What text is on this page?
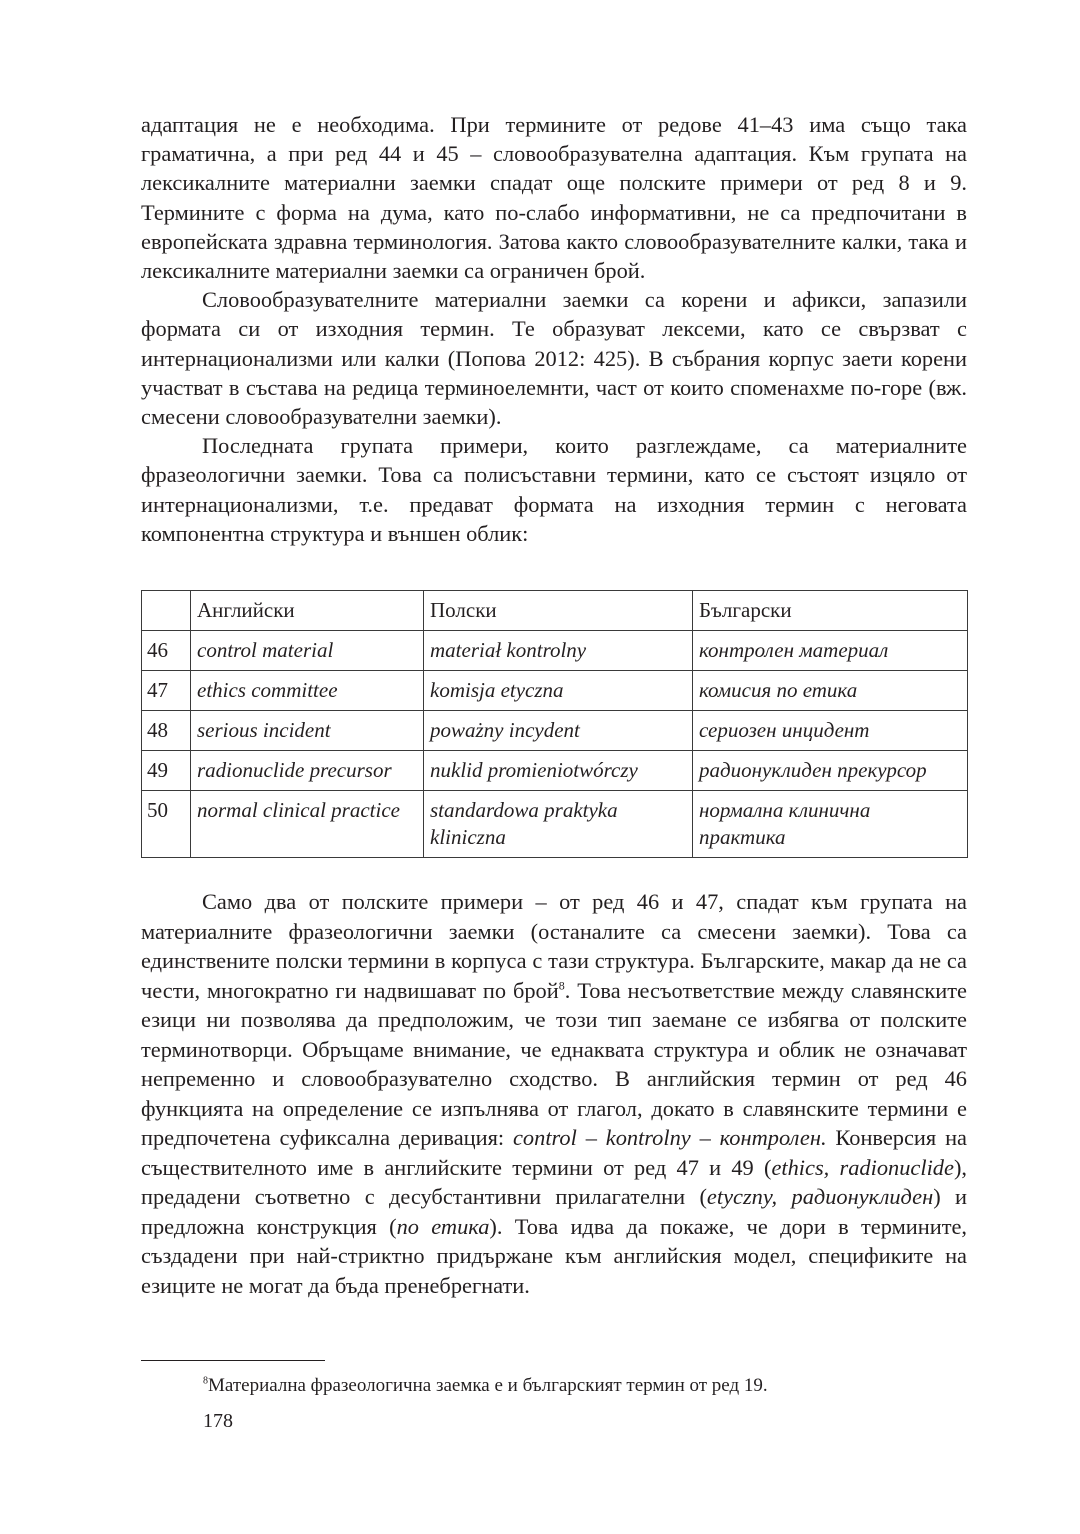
адаптация не е необходима. При термините от редове 41–43 има също така граматична, а при ред 44 и 45 – словообразувателна адаптация. Към групата на лексикалните материални заемки спадат още полските примери от ред 8 и 9. Термините с форма на дума, като по-слабо информативни, не са предпочитани в европейската здравна терминология. Затова както словообразувателните калки, така и лексикалните материални заемки са ограничен брой.

Словообразувателните материални заемки са корени и афикси, запазили формата си от изходния термин. Те образуват лексеми, като се свързват с интернационализми или калки (Попова 2012: 425). В събрания корпус заети корени участват в състава на редица терминоелемнти, част от които споменахме по-горе (вж. смесени словообразувателни заемки).

Последната групата примери, които разглеждаме, са материалните фразеологични заемки. Това са полисъставни термини, като се състоят изцяло от интернационализми, т.е. предават формата на изходния термин с неговата компонентна структура и външен облик:

	Английски	Полски	Български
46	control material	materiał kontrolny	контролен материал
47	ethics committee	komisja etyczna	комисия по етика
48	serious incident	poważny incydent	сериозен инцидент
49	radionuclide precursor	nuklid promieniotwórczy	радионуклиден прекурсор
50	normal clinical practice	standardowa praktyka kliniczna	нормална клинична практика

Само два от полските примери – от ред 46 и 47, спадат към групата на материалните фразеологични заемки (останалите са смесени заемки). Това са единствените полски термини в корпуса с тази структура. Българските, макар да не са чести, многократно ги надвишават по брой$^8$. Това несъответствие между славянските езици ни позволява да предположим, че този тип заемане се избягва от полските терминотворци. Обръщаме внимание, че еднаквата структура и облик не означават непременно и словообразувателно сходство. В английския термин от ред 46 функцията на определение се изпълнява от глагол, докато в славянските термини е предпочетена суфиксална деривация: control – kontrolny – контролен. Конверсия на съществителното име в английските термини от ред 47 и 49 (ethics, radionuclide), предадени съответно с десубстантивни прилагателни (etyczny, радионуклиден) и предложна конструкция (по етика). Това идва да покаже, че дори в термините, създадени при най-стриктно придържане към английския модел, спецификите на езиците не могат да бъда пренебрегнати.

$^8$Материална фразеологична заемка е и българският термин от ред 19.
178
